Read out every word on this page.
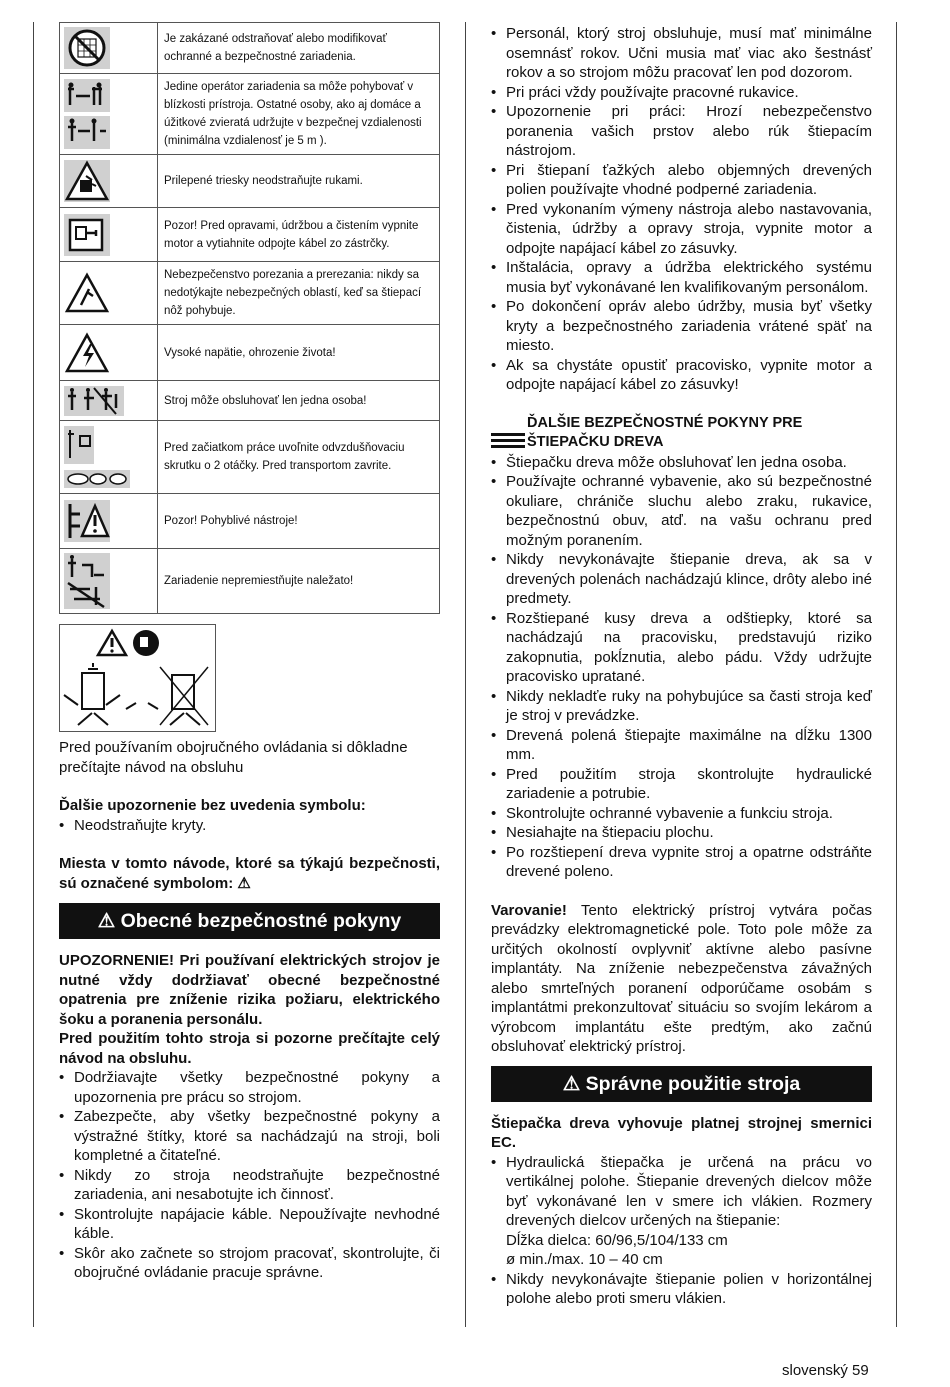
	Je zakázané odstraňovať alebo modifikovať ochranné a bezpečnostné zariadenia.

	Jedine operátor zariadenia sa môže pohybovať v blízkosti prístroja. Ostatné osoby, ako aj domáce a úžitkové zvieratá udržujte v bezpečnej vzdialenosti (minimálna vzdialenosť je 5 m ).

	Prilepené triesky neodstraňujte rukami.

	Pozor! Pred opravami, údržbou a čistením vypnite motor a vytiahnite odpojte kábel zo zástrčky.

	Nebezpečenstvo porezania a prerezania: nikdy sa nedotýkajte nebezpečných oblastí, keď sa štiepací nôž pohybuje.

	Vysoké napätie, ohrozenie života!

	Stroj môže obsluhovať len jedna osoba!

	Pred začiatkom práce uvoľnite odvzdušňovaciu skrutku o 2 otáčky. Pred transportom zavrite.

	Pozor! Pohyblivé nástroje!

	Zariadenie nepremiestňujte naležato!

Pred používaním obojručného ovládania si dôkladne prečítajte návod na obsluhu

Ďalšie upozornenie bez uvedenia symbolu:

• Neodstraňujte kryty.

Miesta v tomto návode, ktoré sa týkajú bezpečnosti, sú označené symbolom: ⚠

⚠ Obecné bezpečnostné pokyny

UPOZORNENIE! Pri používaní elektrických strojov je nutné vždy dodržiavať obecné bezpečnostné opatrenia pre zníženie rizika požiaru, elektrického šoku a poranenia personálu.

Pred použitím tohto stroja si pozorne prečítajte celý návod na obsluhu.

• Dodržiavajte všetky bezpečnostné pokyny a upozornenia pre prácu so strojom.
• Zabezpečte, aby všetky bezpečnostné pokyny a výstražné štítky, ktoré sa nachádzajú na stroji, boli kompletné a čitateľné.
• Nikdy zo stroja neodstraňujte bezpečnostné zariadenia, ani nesabotujte ich činnosť.
• Skontrolujte napájacie káble. Nepoužívajte nevhodné káble.
• Skôr ako začnete so strojom pracovať, skontrolujte, či obojručné ovládanie pracuje správne.
• Personál, ktorý stroj obsluhuje, musí mať minimálne osemnásť rokov. Učni musia mať viac ako šestnásť rokov a so strojom môžu pracovať len pod dozorom.
• Pri práci vždy používajte pracovné rukavice.
• Upozornenie pri práci: Hrozí nebezpečenstvo poranenia vašich prstov alebo rúk štiepacím nástrojom.
• Pri štiepaní ťažkých alebo objemných drevených polien používajte vhodné podperné zariadenia.
• Pred vykonaním výmeny nástroja alebo nastavovania, čistenia, údržby a opravy stroja, vypnite motor a odpojte napájací kábel zo zásuvky.
• Inštalácia, opravy a údržba elektrického systému musia byť vykonávané len kvalifikovaným personálom.
• Po dokončení opráv alebo údržby, musia byť všetky kryty a bezpečnostného zariadenia vrátené späť na miesto.
• Ak sa chystáte opustiť pracovisko, vypnite motor a odpojte napájací kábel zo zásuvky!
ĎALŠIE BEZPEČNOSTNÉ POKYNY PRE ŠTIEPAČKU DREVA
• Štiepačku dreva môže obsluhovať len jedna osoba.
• Používajte ochranné vybavenie, ako sú bezpečnostné okuliare, chrániče sluchu alebo zraku, rukavice, bezpečnostnú obuv, atď. na vašu ochranu pred možným poranením.
• Nikdy nevykonávajte štiepanie dreva, ak sa v drevených polenách nachádzajú klince, drôty alebo iné predmety.
• Rozštiepané kusy dreva a odštiepky, ktoré sa nachádzajú na pracovisku, predstavujú riziko zakopnutia, pokĺznutia, alebo pádu. Vždy udržujte pracovisko upratané.
• Nikdy nekladťe ruky na pohybujúce sa časti stroja keď je stroj v prevádzke.
• Drevená polená štiepajte maximálne na dĺžku 1300 mm.
• Pred použitím stroja skontrolujte hydraulické zariadenie a potrubie.
• Skontrolujte ochranné vybavenie a funkciu stroja.
• Nesiahajte na štiepaciu plochu.
• Po rozštiepení dreva vypnite stroj a opatrne odstráňte drevené poleno.

Varovanie! Tento elektrický prístroj vytvára počas prevádzky elektromagnetické pole. Toto pole môže za určitých okolností ovplyvniť aktívne alebo pasívne implantáty. Na zníženie nebezpečenstva závažných alebo smrteľných poranení odporúčame osobám s implantátmi prekonzultovať situáciu so svojím lekárom a výrobcom implantátu ešte predtým, ako začnú obsluhovať elektrický prístroj.

⚠ Správne použitie stroja

Štiepačka dreva vyhovuje platnej strojnej smernici EC.

• Hydraulická štiepačka je určená na prácu vo vertikálnej polohe. Štiepanie drevených dielcov môže byť vykonávané len v smere ich vlákien. Rozmery drevených dielcov určených na štiepanie:
Dĺžka dielca: 60/96,5/104/133 cm
ø min./max. 10 – 40 cm
• Nikdy nevykonávajte štiepanie polien v horizontálnej polohe alebo proti smeru vlákien.
slovenský 59
